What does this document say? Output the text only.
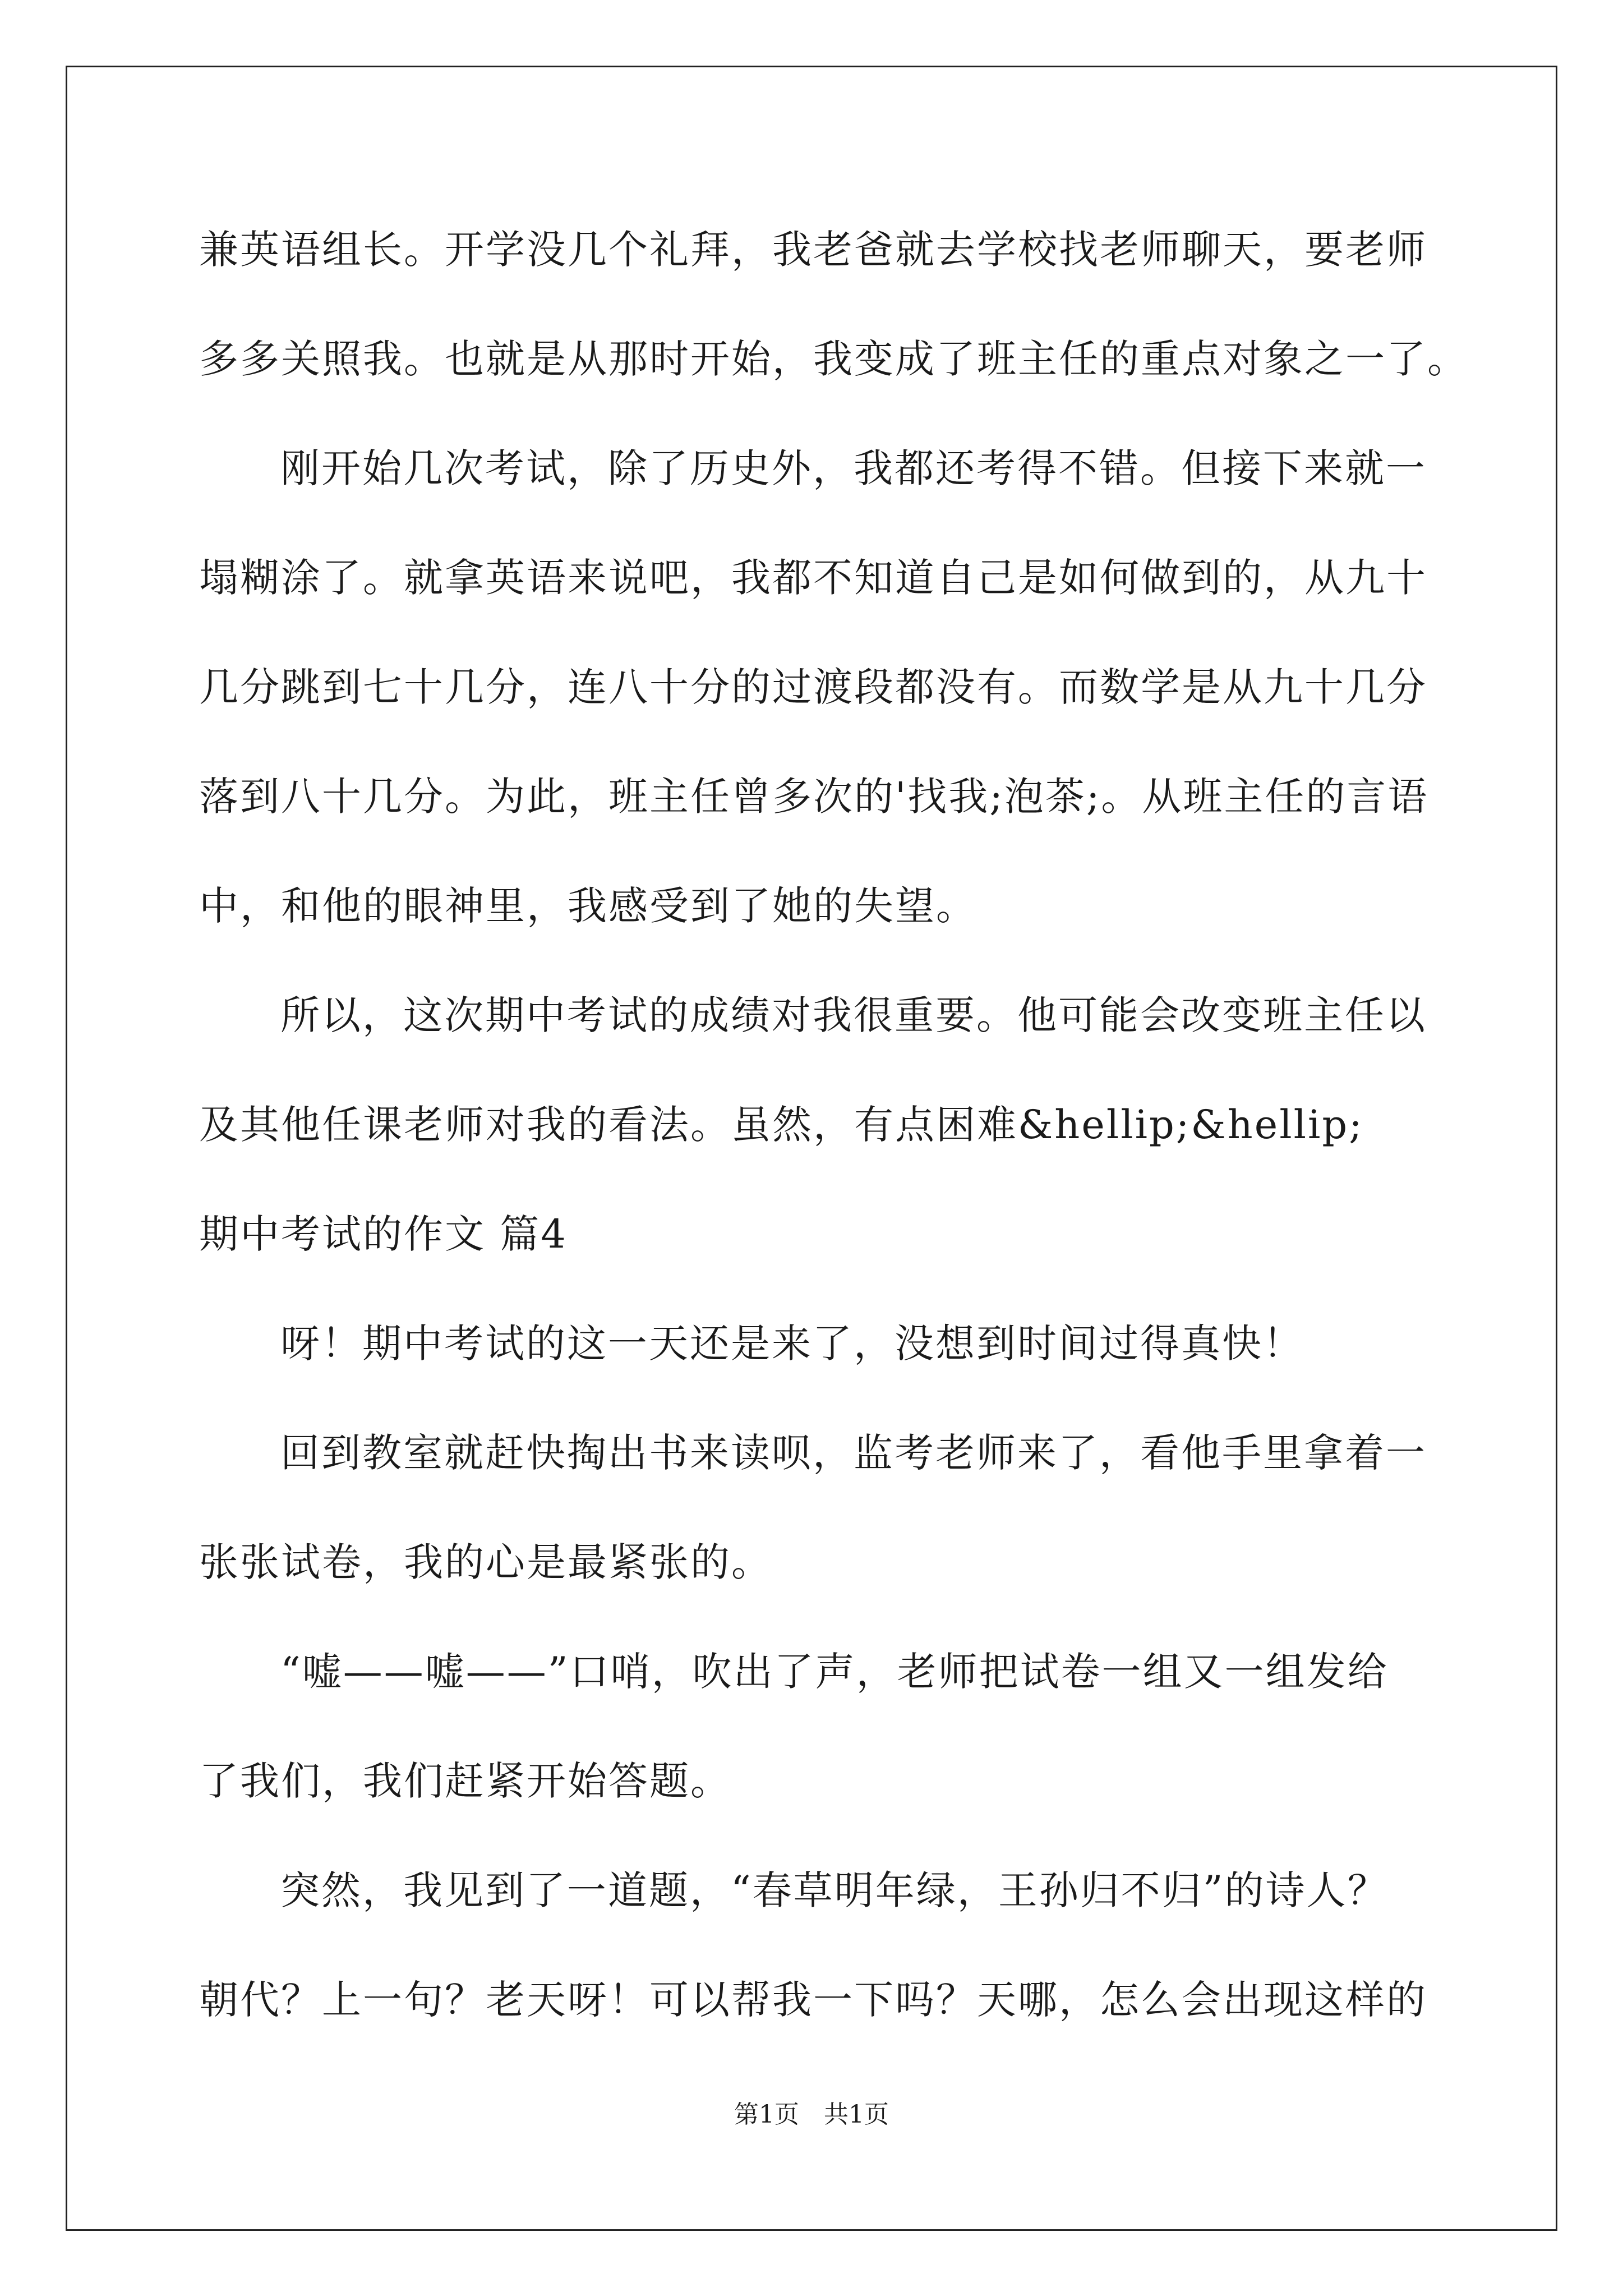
兼英语组长。开学没几个礼拜，我老爸就去学校找老师聊天，要老师
多多关照我。也就是从那时开始，我变成了班主任的重点对象之一了。
刚开始几次考试，除了历史外，我都还考得不错。但接下来就一
塌糊涂了。就拿英语来说吧，我都不知道自己是如何做到的，从九十
几分跳到七十几分，连八十分的过渡段都没有。而数学是从九十几分
落到八十几分。为此，班主任曾多次的'找我;泡茶;。从班主任的言语
中，和他的眼神里，我感受到了她的失望。
所以，这次期中考试的成绩对我很重要。他可能会改变班主任以
及其他任课老师对我的看法。虽然，有点困难&hellip;&hellip;
期中考试的作文 篇4
呀！期中考试的这一天还是来了，没想到时间过得真快！
回到教室就赶快掏出书来读呗，监考老师来了，看他手里拿着一
张张试卷，我的心是最紧张的。
“嘘——嘘——”口哨，吹出了声，老师把试卷一组又一组发给
了我们，我们赶紧开始答题。
突然，我见到了一道题，“春草明年绿，王孙归不归”的诗人？
朝代？上一句？老天呀！可以帮我一下吗？天哪，怎么会出现这样的
第1页　共1页
